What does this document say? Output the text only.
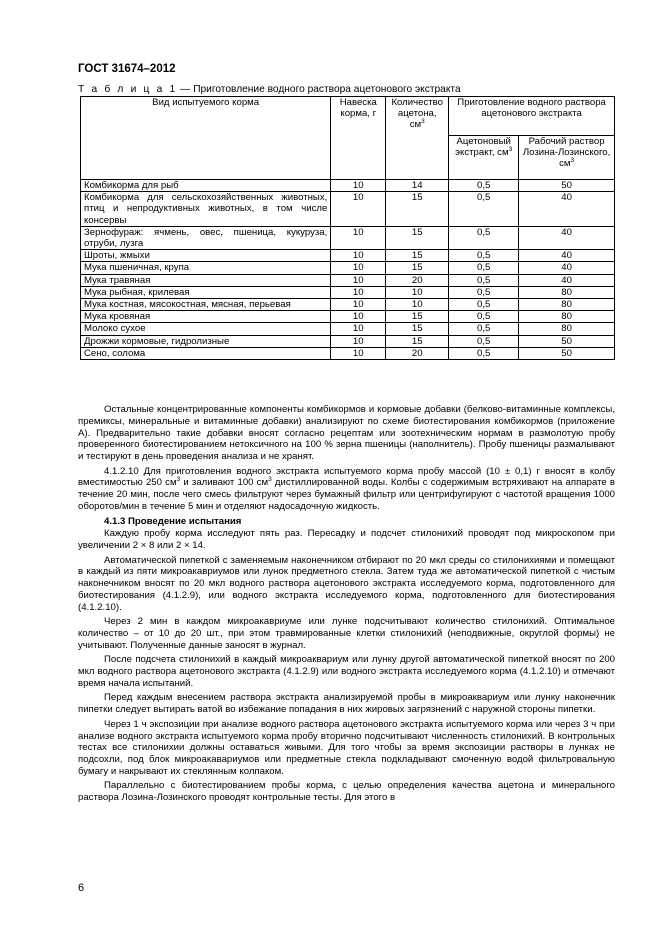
ГОСТ 31674–2012
Т а б л и ц а 1 — Приготовление водного раствора ацетонового экстракта
Вид испытуемого корма	Навеска корма, г	Количество ацетона, $см^3$	Приготовление водного раствора ацетонового экстракта	
			Ацетоновый экстракт, $см^3$	Рабочий раствор Лозина-Лозинского, $см^3$
Комбикорма для рыб	10	14	0,5	50
Комбикорма для сельскохозяйственных животных, птиц и непродуктивных животных, в том числе консервы	10	15	0,5	40
Зернофураж: ячмень, овес, пшеница, кукуруза, отруби, лузга	10	15	0,5	40
Шроты, жмыхи	10	15	0,5	40
Мука пшеничная, крупа	10	15	0,5	40
Мука травяная	10	20	0,5	40
Мука рыбная, крилевая	10	10	0,5	80
Мука костная, мясокостная, мясная, перьевая	10	10	0,5	80
Мука кровяная	10	15	0,5	80
Молоко сухое	10	15	0,5	80
Дрожжи кормовые, гидролизные	10	15	0,5	50
Сено, солома	10	20	0,5	50

Остальные концентрированные компоненты комбикормов и кормовые добавки (белково-витаминные комплексы, премиксы, минеральные и витаминные добавки) анализируют по схеме биотестирования комбикормов (приложение А). Предварительно такие добавки вносят согласно рецептам или зоотехническим нормам в размолотую пробу проверенного биотестированием нетоксичного на 100 % зерна пшеницы (наполнитель). Пробу пшеницы размалывают и тестируют в день проведения анализа и не хранят.

4.1.2.10 Для приготовления водного экстракта испытуемого корма пробу массой (10 ± 0,1) г вносят в колбу вместимостью 250 $см^3$ и заливают 100 $см^3$ дистиллированной воды. Колбы с содержимым встряхивают на аппарате в течение 20 мин, после чего смесь фильтруют через бумажный фильтр или центрифугируют с частотой вращения 1000 оборотов/мин в течение 5 мин и отделяют надосадочную жидкость.

4.1.3 Проведение испытания

Каждую пробу корма исследуют пять раз. Пересадку и подсчет стилонихий проводят под микроскопом при увеличении 2 × 8 или 2 × 14.

Автоматической пипеткой с заменяемым наконечником отбирают по 20 мкл среды со стилонихиями и помещают в каждый из пяти микроакавриумов или лунок предметного стекла. Затем туда же автоматической пипеткой с чистым наконечником вносят по 20 мкл водного раствора ацетонового экстракта исследуемого корма, подготовленного для биотестирования (4.1.2.9), или водного экстракта исследуемого корма, подготовленного для биотестирования (4.1.2.10).

Через 2 мин в каждом микроакавриуме или лунке подсчитывают количество стилонихий. Оптимальное количество – от 10 до 20 шт., при этом травмированные клетки стилонихий (неподвижные, округлой формы) не учитывают. Полученные данные заносят в журнал.

После подсчета стилонихий в каждый микроаквариум или лунку другой автоматической пипеткой вносят по 200 мкл водного раствора ацетонового экстракта (4.1.2.9) или водного экстракта исследуемого корма (4.1.2.10) и отмечают время начала испытаний.

Перед каждым внесением раствора экстракта анализируемой пробы в микроаквариум или лунку наконечник пипетки следует вытирать ватой во избежание попадания в них жировых загрязнений с наружной стороны пипетки.

Через 1 ч экспозиции при анализе водного раствора ацетонового экстракта испытуемого корма или через 3 ч при анализе водного экстракта испытуемого корма пробу вторично подсчитывают численность стилонихий. В контрольных тестах все стилонихии должны оставаться живыми. Для того чтобы за время экспозиции растворы в лунках не подсохли, под блок микроакавариумов или предметные стекла подкладывают смоченную водой фильтровальную бумагу и накрывают их стеклянным колпаком.

Параллельно с биотестированием пробы корма, с целью определения качества ацетона и минерального раствора Лозина-Лозинского проводят контрольные тесты. Для этого в

6
